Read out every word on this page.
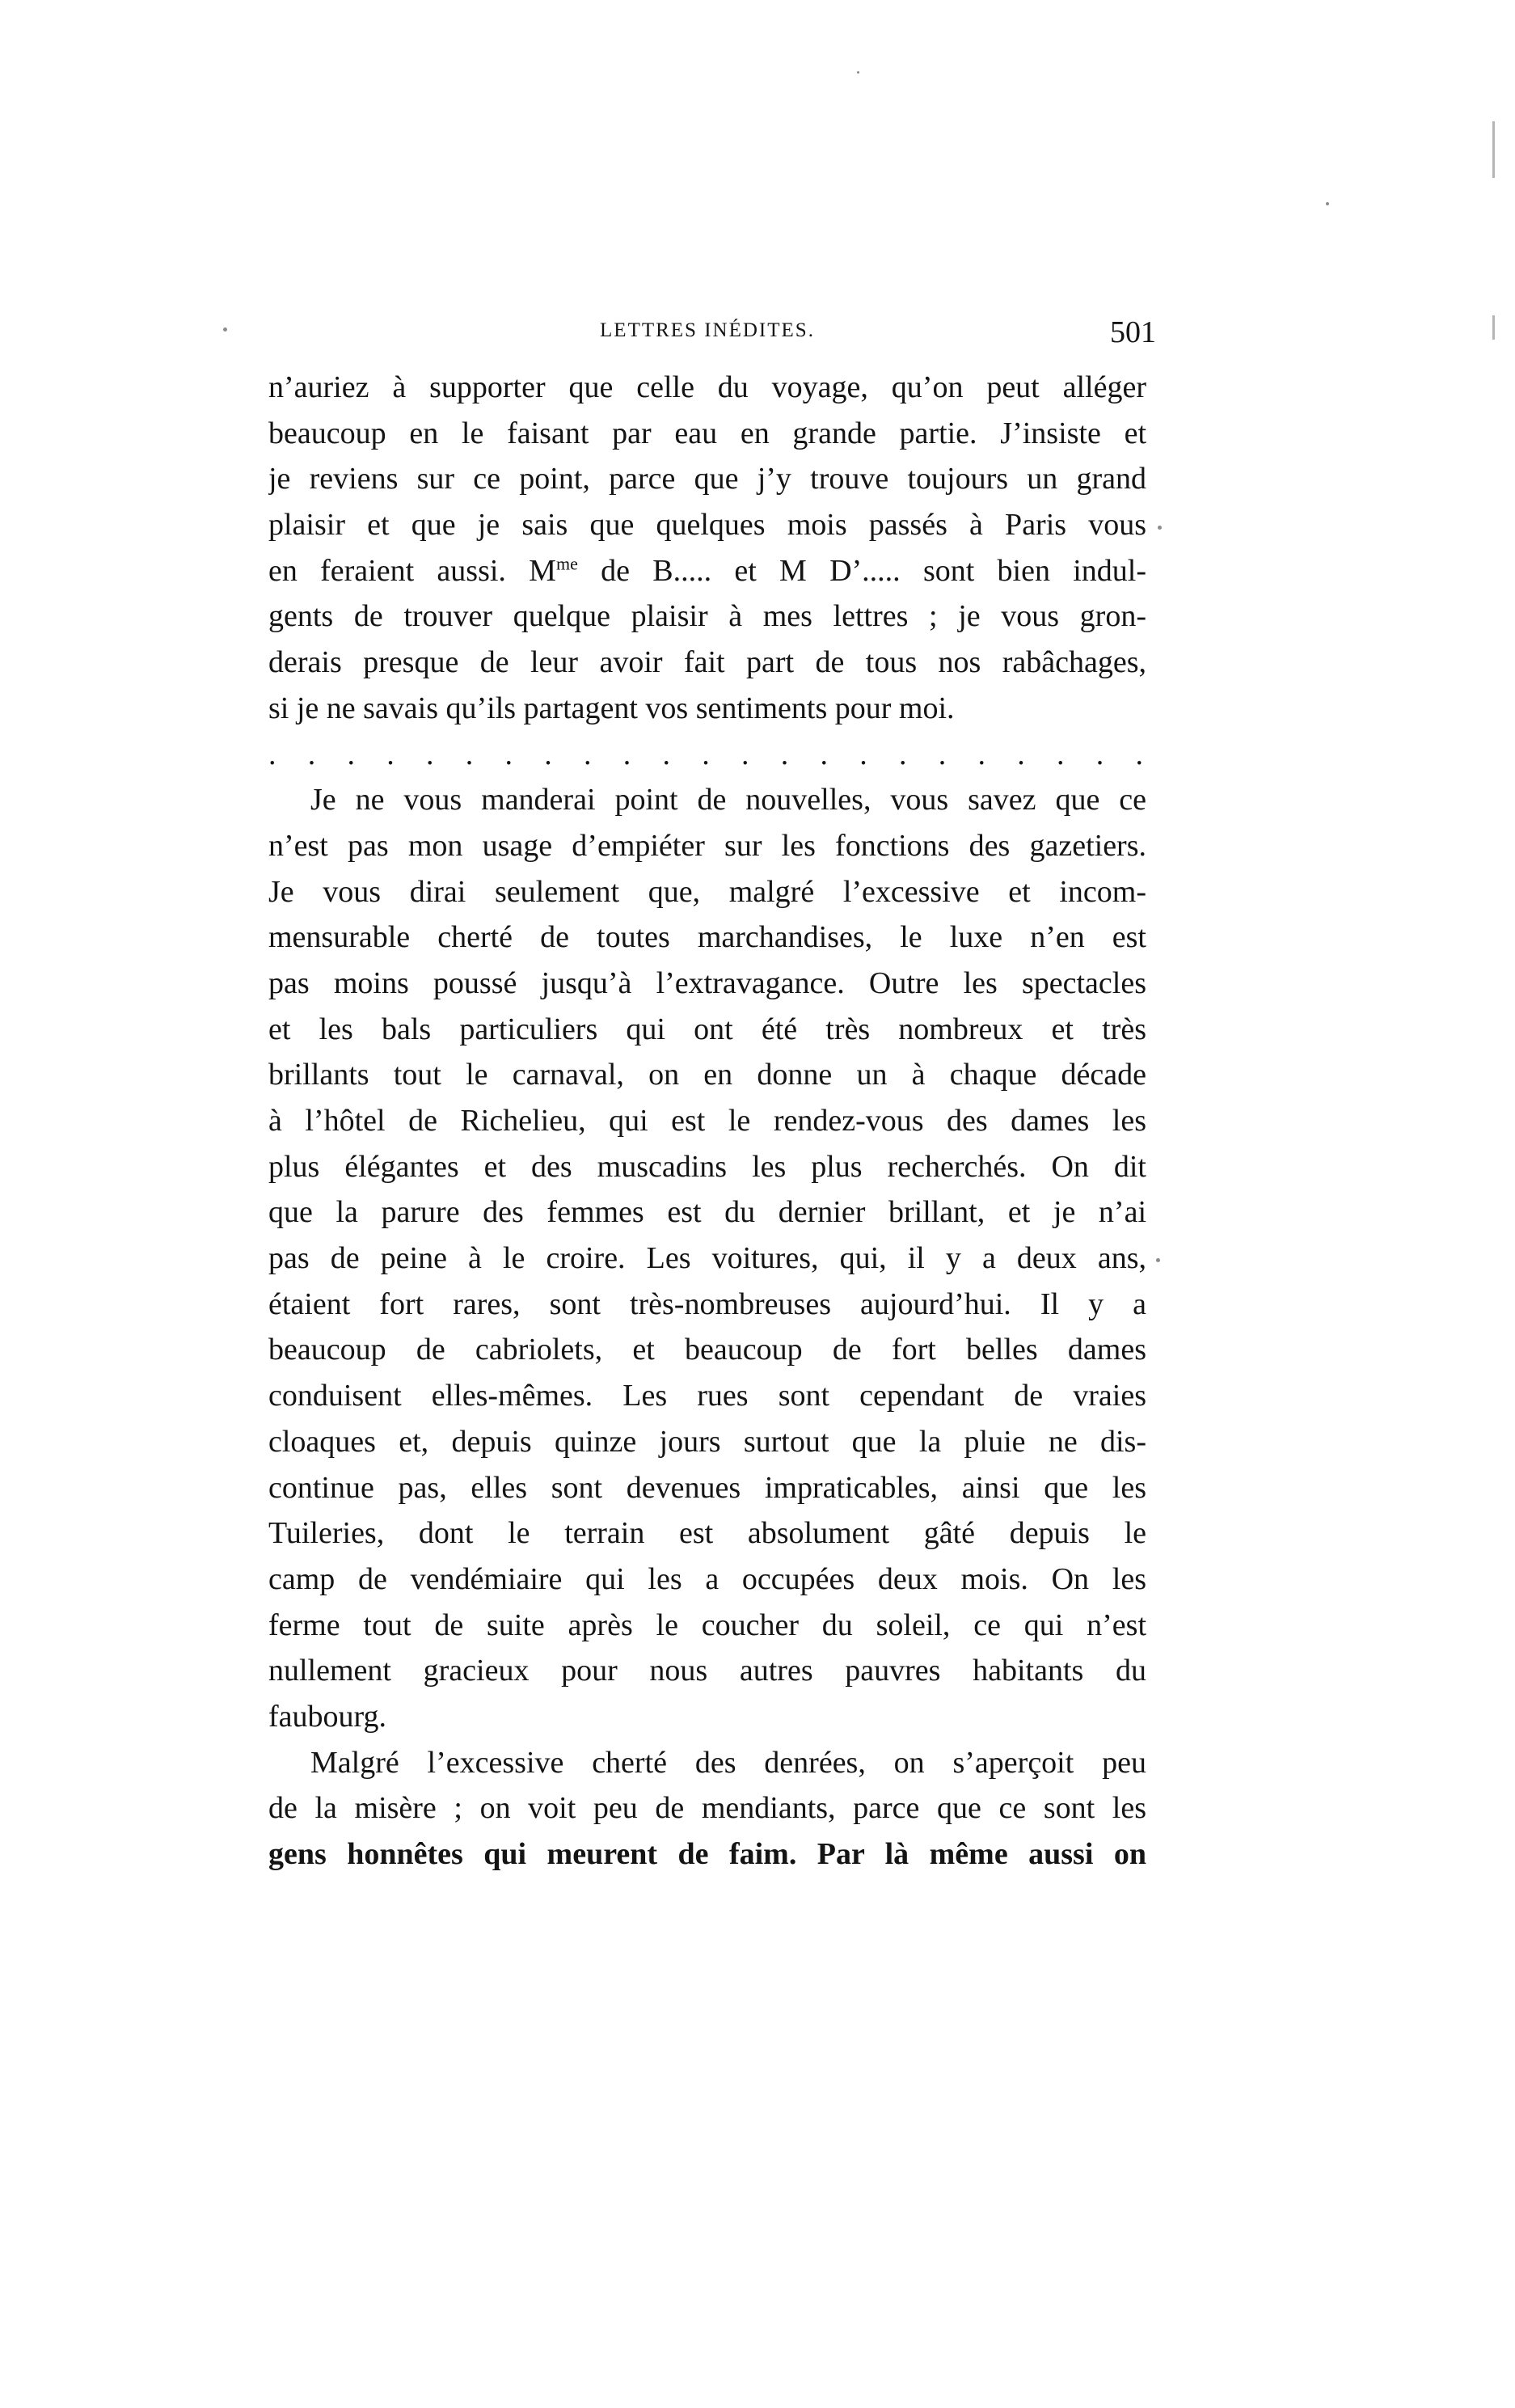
LETTRES INÉDITES.	501
n’auriez à supporter que celle du voyage, qu’on peut alléger
beaucoup en le faisant par eau en grande partie. J’insiste et
je reviens sur ce point, parce que j’y trouve toujours un grand
plaisir et que je sais que quelques mois passés à Paris vous
en feraient aussi. $M^{me}$ de B..... et M D’..... sont bien indul-
gents de trouver quelque plaisir à mes lettres ; je vous gron-
derais presque de leur avoir fait part de tous nos rabâchages,
si je ne savais qu’ils partagent vos sentiments pour moi.
. . . . . . . . . . . . . . . . . . . . . . .
Je ne vous manderai point de nouvelles, vous savez que ce
n’est pas mon usage d’empiéter sur les fonctions des gazetiers.
Je vous dirai seulement que, malgré l’excessive et incom-
mensurable cherté de toutes marchandises, le luxe n’en est
pas moins poussé jusqu’à l’extravagance. Outre les spectacles
et les bals particuliers qui ont été très nombreux et très
brillants tout le carnaval, on en donne un à chaque décade
à l’hôtel de Richelieu, qui est le rendez-vous des dames les
plus élégantes et des muscadins les plus recherchés. On dit
que la parure des femmes est du dernier brillant, et je n’ai
pas de peine à le croire. Les voitures, qui, il y a deux ans,
étaient fort rares, sont très-nombreuses aujourd’hui. Il y a
beaucoup de cabriolets, et beaucoup de fort belles dames
conduisent elles-mêmes. Les rues sont cependant de vraies
cloaques et, depuis quinze jours surtout que la pluie ne dis-
continue pas, elles sont devenues impraticables, ainsi que les
Tuileries, dont le terrain est absolument gâté depuis le
camp de vendémiaire qui les a occupées deux mois. On les
ferme tout de suite après le coucher du soleil, ce qui n’est
nullement gracieux pour nous autres pauvres habitants du
faubourg.
Malgré l’excessive cherté des denrées, on s’aperçoit peu
de la misère ; on voit peu de mendiants, parce que ce sont les
gens honnêtes qui meurent de faim. Par là même aussi on
